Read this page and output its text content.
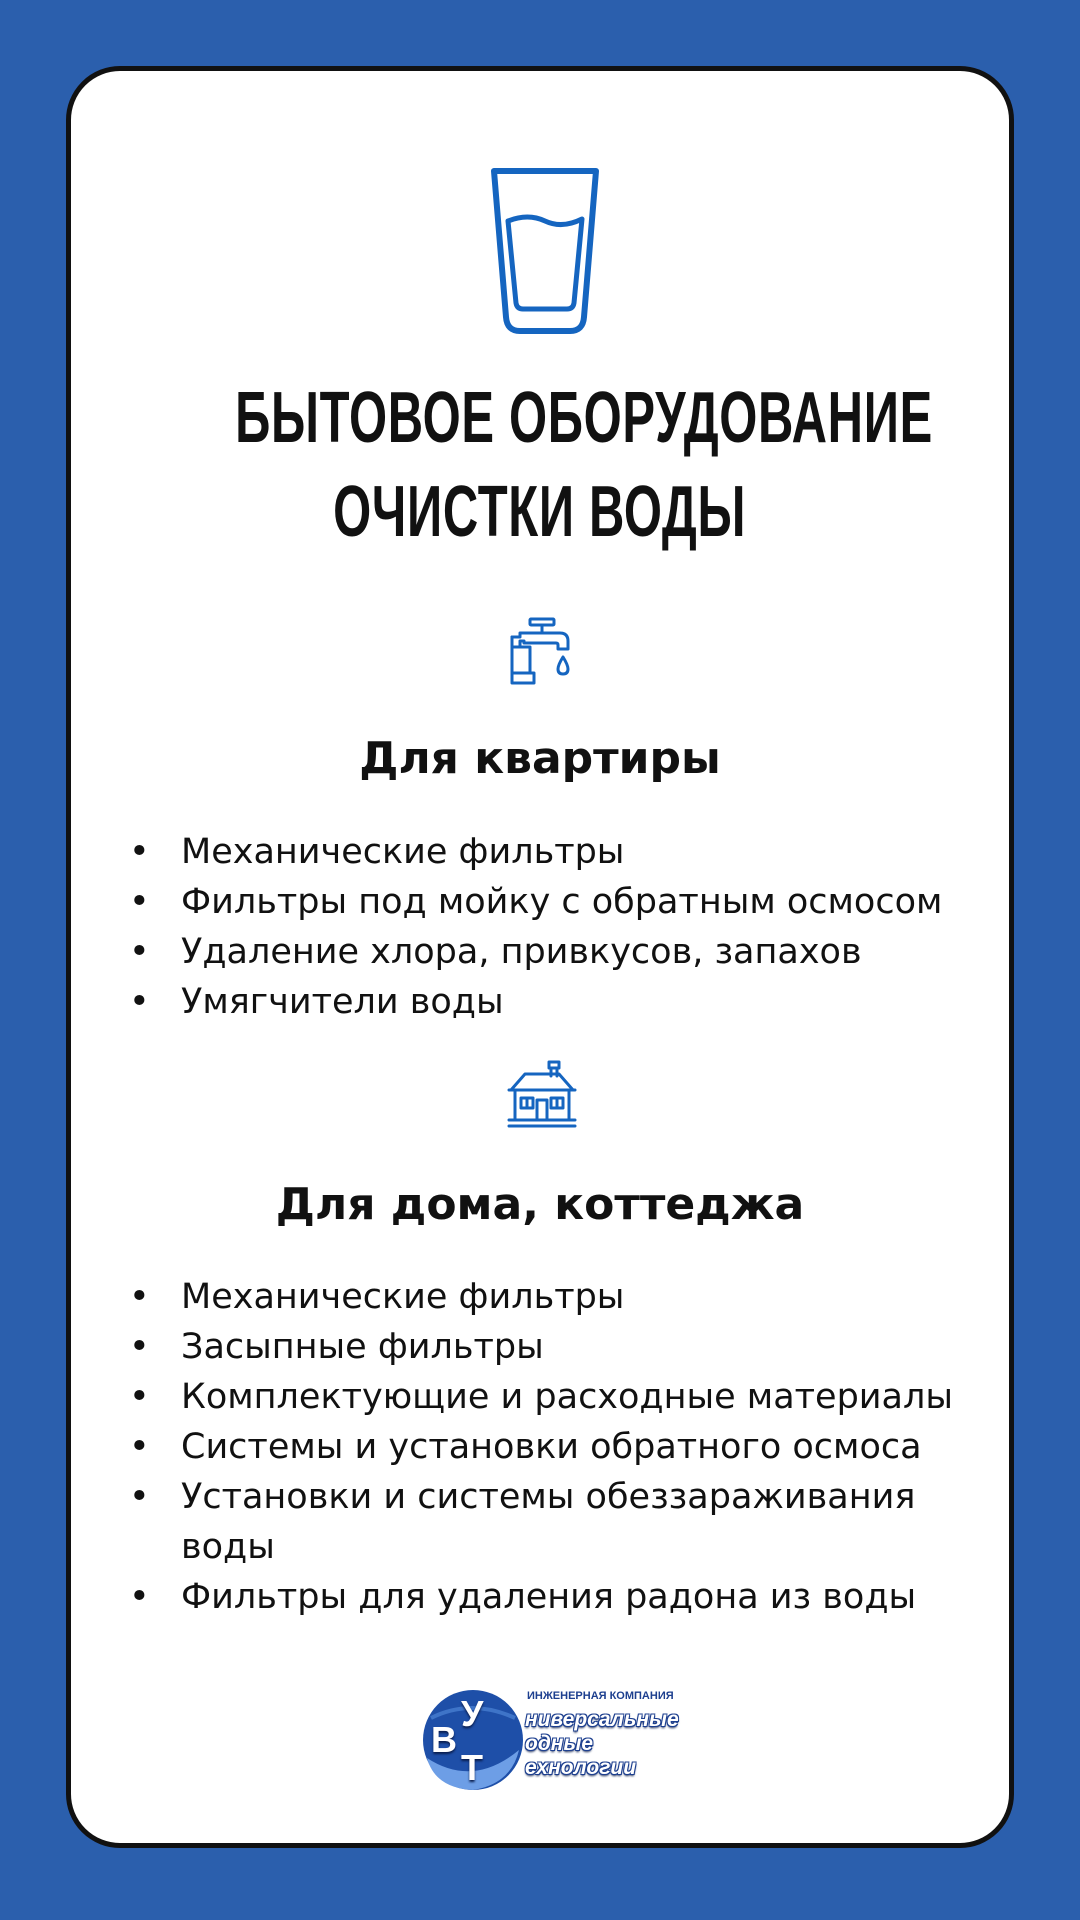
БЫТОВОЕ ОБОРУДОВАНИЕ
ОЧИСТКИ ВОДЫ
Для квартиры
• Механические фильтры
• Фильтры под мойку с обратным осмосом
• Удаление хлора, привкусов, запахов
• Умягчители воды
Для дома, коттеджа
• Механические фильтры
• Засыпные фильтры
• Комплектующие и расходные материалы
• Системы и установки обратного осмоса
• Установки и системы обеззараживания воды
• Фильтры для удаления радона из воды
У
В
Т
ИНЖЕНЕРНАЯ КОМПАНИЯ
ниверсальные
одные
ехнологии
